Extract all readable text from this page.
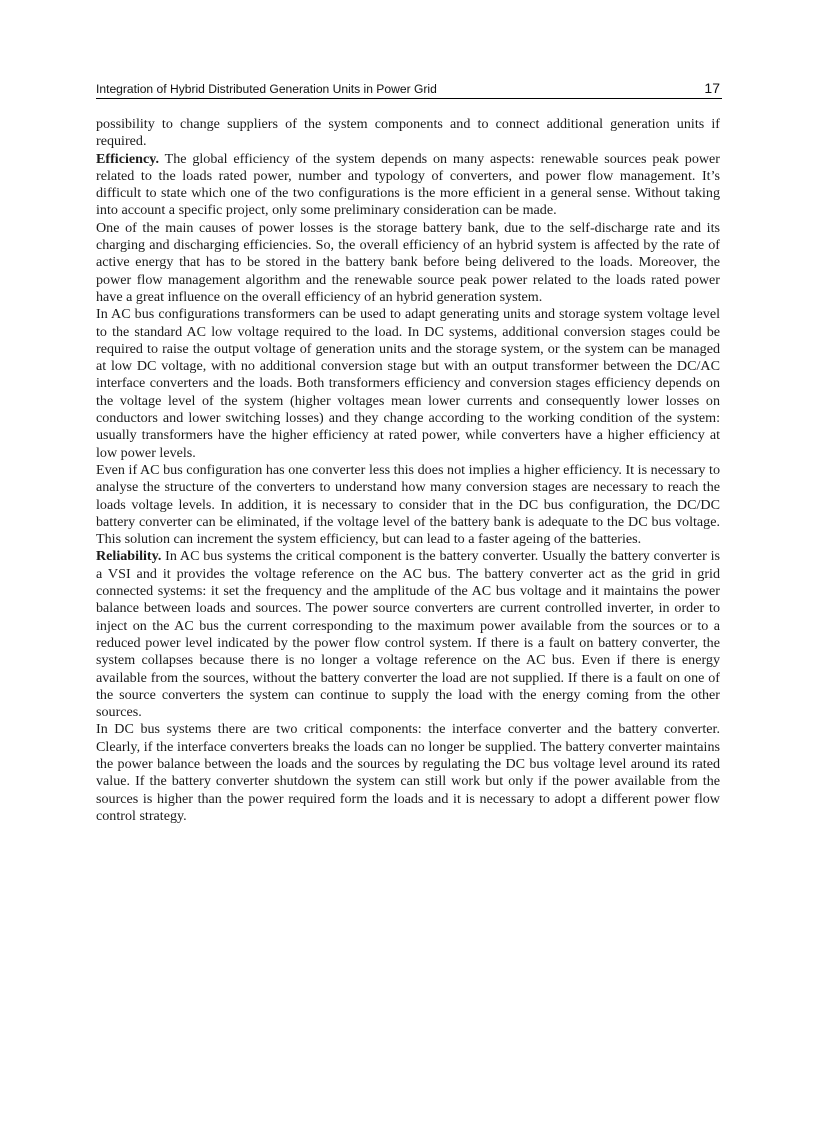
Integration of Hybrid Distributed Generation Units in Power Grid	17

possibility to change suppliers of the system components and to connect additional generation units if required.

Efficiency. The global efficiency of the system depends on many aspects: renewable sources peak power related to the loads rated power, number and typology of converters, and power flow management. It’s difficult to state which one of the two configurations is the more efficient in a general sense. Without taking into account a specific project, only some preliminary consideration can be made.

One of the main causes of power losses is the storage battery bank, due to the self-discharge rate and its charging and discharging efficiencies. So, the overall efficiency of an hybrid system is affected by the rate of active energy that has to be stored in the battery bank before being delivered to the loads. Moreover, the power flow management algorithm and the renewable source peak power related to the loads rated power have a great influence on the overall efficiency of an hybrid generation system.

In AC bus configurations transformers can be used to adapt generating units and storage system voltage level to the standard AC low voltage required to the load. In DC systems, additional conversion stages could be required to raise the output voltage of generation units and the storage system, or the system can be managed at low DC voltage, with no additional conversion stage but with an output transformer between the DC/AC interface converters and the loads. Both transformers efficiency and conversion stages efficiency depends on the voltage level of the system (higher voltages mean lower currents and consequently lower losses on conductors and lower switching losses) and they change according to the working condition of the system: usually transformers have the higher efficiency at rated power, while converters have a higher efficiency at low power levels.

Even if AC bus configuration has one converter less this does not implies a higher efficiency. It is necessary to analyse the structure of the converters to understand how many conversion stages are necessary to reach the loads voltage levels. In addition, it is necessary to consider that in the DC bus configuration, the DC/DC battery converter can be eliminated, if the voltage level of the battery bank is adequate to the DC bus voltage. This solution can increment the system efficiency, but can lead to a faster ageing of the batteries.

Reliability. In AC bus systems the critical component is the battery converter. Usually the battery converter is a VSI and it provides the voltage reference on the AC bus. The battery converter act as the grid in grid connected systems: it set the frequency and the amplitude of the AC bus voltage and it maintains the power balance between loads and sources. The power source converters are current controlled inverter, in order to inject on the AC bus the current corresponding to the maximum power available from the sources or to a reduced power level indicated by the power flow control system. If there is a fault on battery converter, the system collapses because there is no longer a voltage reference on the AC bus. Even if there is energy available from the sources, without the battery converter the load are not supplied. If there is a fault on one of the source converters the system can continue to supply the load with the energy coming from the other sources.

In DC bus systems there are two critical components: the interface converter and the battery converter. Clearly, if the interface converters breaks the loads can no longer be supplied. The battery converter maintains the power balance between the loads and the sources by regulating the DC bus voltage level around its rated value. If the battery converter shutdown the system can still work but only if the power available from the sources is higher than the power required form the loads and it is necessary to adopt a different power flow control strategy.
